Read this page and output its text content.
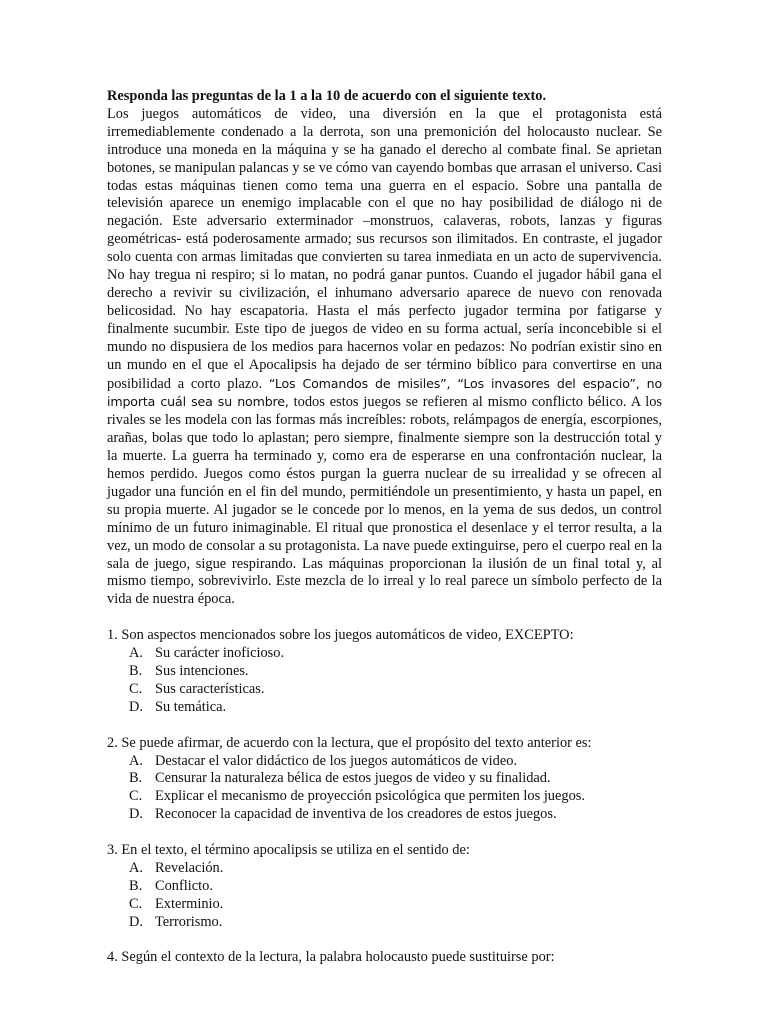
Responda las preguntas de la 1 a la 10 de acuerdo con el siguiente texto.

Los juegos automáticos de video, una diversión en la que el protagonista está irremediablemente condenado a la derrota, son una premonición del holocausto nuclear. Se introduce una moneda en la máquina y se ha ganado el derecho al combate final. Se aprietan botones, se manipulan palancas y se ve cómo van cayendo bombas que arrasan el universo. Casi todas estas máquinas tienen como tema una guerra en el espacio. Sobre una pantalla de televisión aparece un enemigo implacable con el que no hay posibilidad de diálogo ni de negación. Este adversario exterminador –monstruos, calaveras, robots, lanzas y figuras geométricas- está poderosamente armado; sus recursos son ilimitados. En contraste, el jugador solo cuenta con armas limitadas que convierten su tarea inmediata en un acto de supervivencia. No hay tregua ni respiro; si lo matan, no podrá ganar puntos. Cuando el jugador hábil gana el derecho a revivir su civilización, el inhumano adversario aparece de nuevo con renovada belicosidad. No hay escapatoria. Hasta el más perfecto jugador termina por fatigarse y finalmente sucumbir. Este tipo de juegos de video en su forma actual, sería inconcebible si el mundo no dispusiera de los medios para hacernos volar en pedazos: No podrían existir sino en un mundo en el que el Apocalipsis ha dejado de ser término bíblico para convertirse en una posibilidad a corto plazo. “Los Comandos de misiles”, “Los invasores del espacio”, no importa cuál sea su nombre, todos estos juegos se refieren al mismo conflicto bélico. A los rivales se les modela con las formas más increíbles: robots, relámpagos de energía, escorpiones, arañas, bolas que todo lo aplastan; pero siempre, finalmente siempre son la destrucción total y la muerte. La guerra ha terminado y, como era de esperarse en una confrontación nuclear, la hemos perdido. Juegos como éstos purgan la guerra nuclear de su irrealidad y se ofrecen al jugador una función en el fin del mundo, permitiéndole un presentimiento, y hasta un papel, en su propia muerte. Al jugador se le concede por lo menos, en la yema de sus dedos, un control mínimo de un futuro inimaginable. El ritual que pronostica el desenlace y el terror resulta, a la vez, un modo de consolar a su protagonista. La nave puede extinguirse, pero el cuerpo real en la sala de juego, sigue respirando. Las máquinas proporcionan la ilusión de un final total y, al mismo tiempo, sobrevivirlo. Este mezcla de lo irreal y lo real parece un símbolo perfecto de la vida de nuestra época.

1. Son aspectos mencionados sobre los juegos automáticos de video, EXCEPTO:

A. Su carácter inoficioso.
B. Sus intenciones.
C. Sus características.
D. Su temática.

2. Se puede afirmar, de acuerdo con la lectura, que el propósito del texto anterior es:

A. Destacar el valor didáctico de los juegos automáticos de video.
B. Censurar la naturaleza bélica de estos juegos de video y su finalidad.
C. Explicar el mecanismo de proyección psicológica que permiten los juegos.
D. Reconocer la capacidad de inventiva de los creadores de estos juegos.

3. En el texto, el término apocalipsis se utiliza en el sentido de:

A. Revelación.
B. Conflicto.
C. Exterminio.
D. Terrorismo.

4. Según el contexto de la lectura, la palabra holocausto puede sustituirse por:
